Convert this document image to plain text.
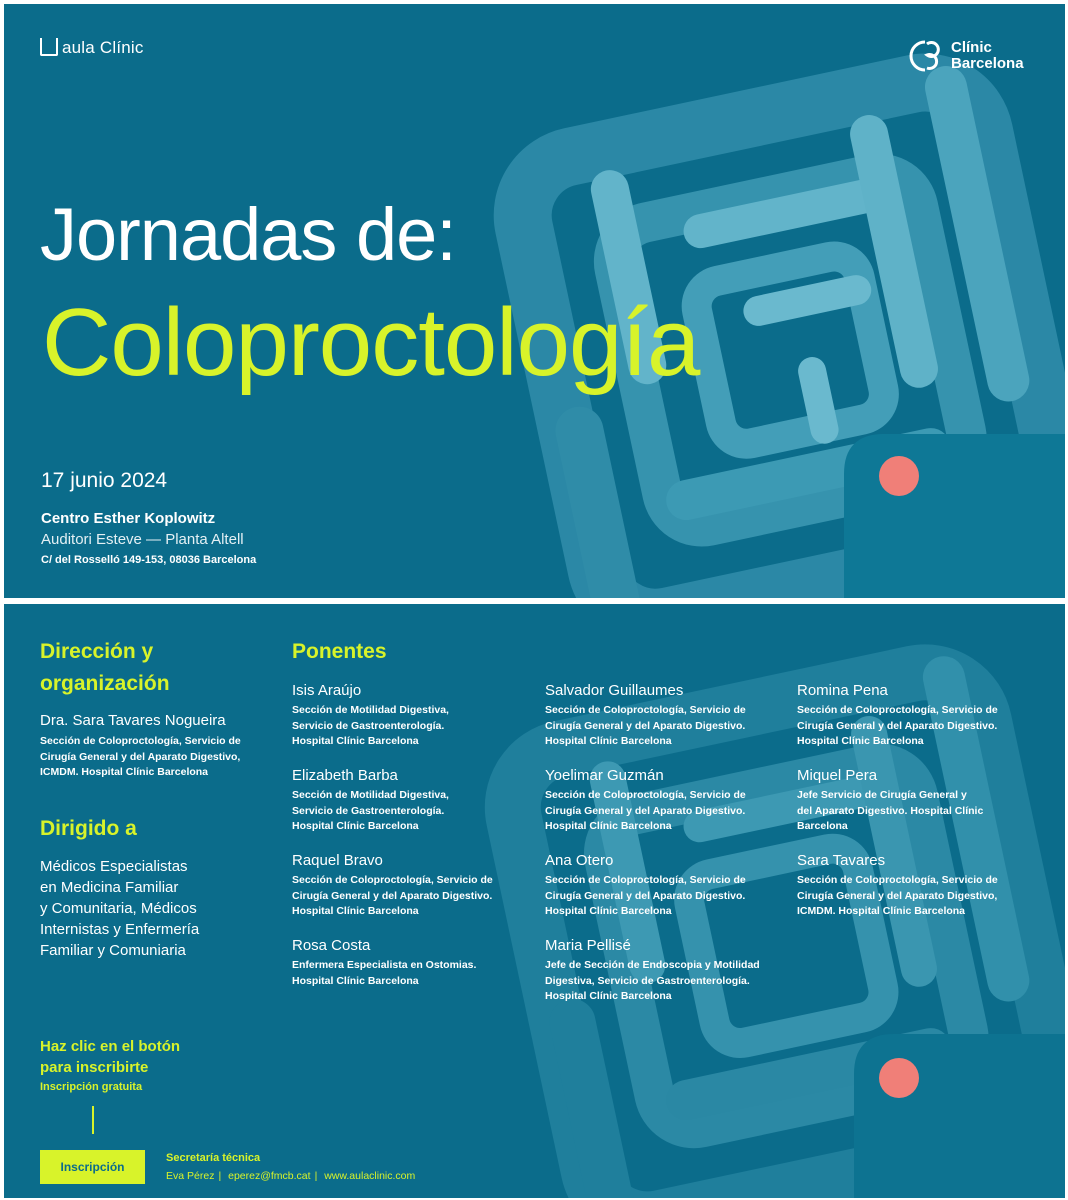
aula Clínic	Clínic
Barcelona
Jornadas de:
Coloproctología

17 junio 2024

Centro Esther Koplowitz

Auditori Esteve — Planta Altell

C/ del Rosselló 149-153, 08036 Barcelona

Dirección y
organización

Dra. Sara Tavares Nogueira

Sección de Coloproctología, Servicio de
Cirugía General y del Aparato Digestivo,
ICMDM. Hospital Clínic Barcelona
Dirigido a
Médicos Especialistas
en Medicina Familiar
y Comunitaria, Médicos
Internistas y Enfermería
Familiar y Comuniaria

Haz clic en el botón

para inscribirte

Inscripción gratuita

Inscripción

Secretaría técnica

Eva Pérez | eperez@fmcb.cat | www.aulaclinic.com

Ponentes
Isis Araújo
Sección de Motilidad Digestiva,
Servicio de Gastroenterología.
Hospital Clínic Barcelona
Elizabeth Barba
Sección de Motilidad Digestiva,
Servicio de Gastroenterología.
Hospital Clínic Barcelona
Raquel Bravo
Sección de Coloproctología, Servicio de
Cirugía General y del Aparato Digestivo.
Hospital Clínic Barcelona
Rosa Costa
Enfermera Especialista en Ostomias.
Hospital Clínic Barcelona
Salvador Guillaumes
Sección de Coloproctología, Servicio de
Cirugía General y del Aparato Digestivo.
Hospital Clínic Barcelona
Yoelimar Guzmán
Sección de Coloproctología, Servicio de
Cirugía General y del Aparato Digestivo.
Hospital Clínic Barcelona
Ana Otero
Sección de Coloproctología, Servicio de
Cirugía General y del Aparato Digestivo.
Hospital Clínic Barcelona
Maria Pellisé
Jefe de Sección de Endoscopia y Motilidad
Digestiva, Servicio de Gastroenterología.
Hospital Clínic Barcelona
Romina Pena
Sección de Coloproctología, Servicio de
Cirugía General y del Aparato Digestivo.
Hospital Clínic Barcelona
Miquel Pera
Jefe Servicio de Cirugía General y
del Aparato Digestivo. Hospital Clínic
Barcelona
Sara Tavares
Sección de Coloproctología, Servicio de
Cirugía General y del Aparato Digestivo,
ICMDM. Hospital Clínic Barcelona
